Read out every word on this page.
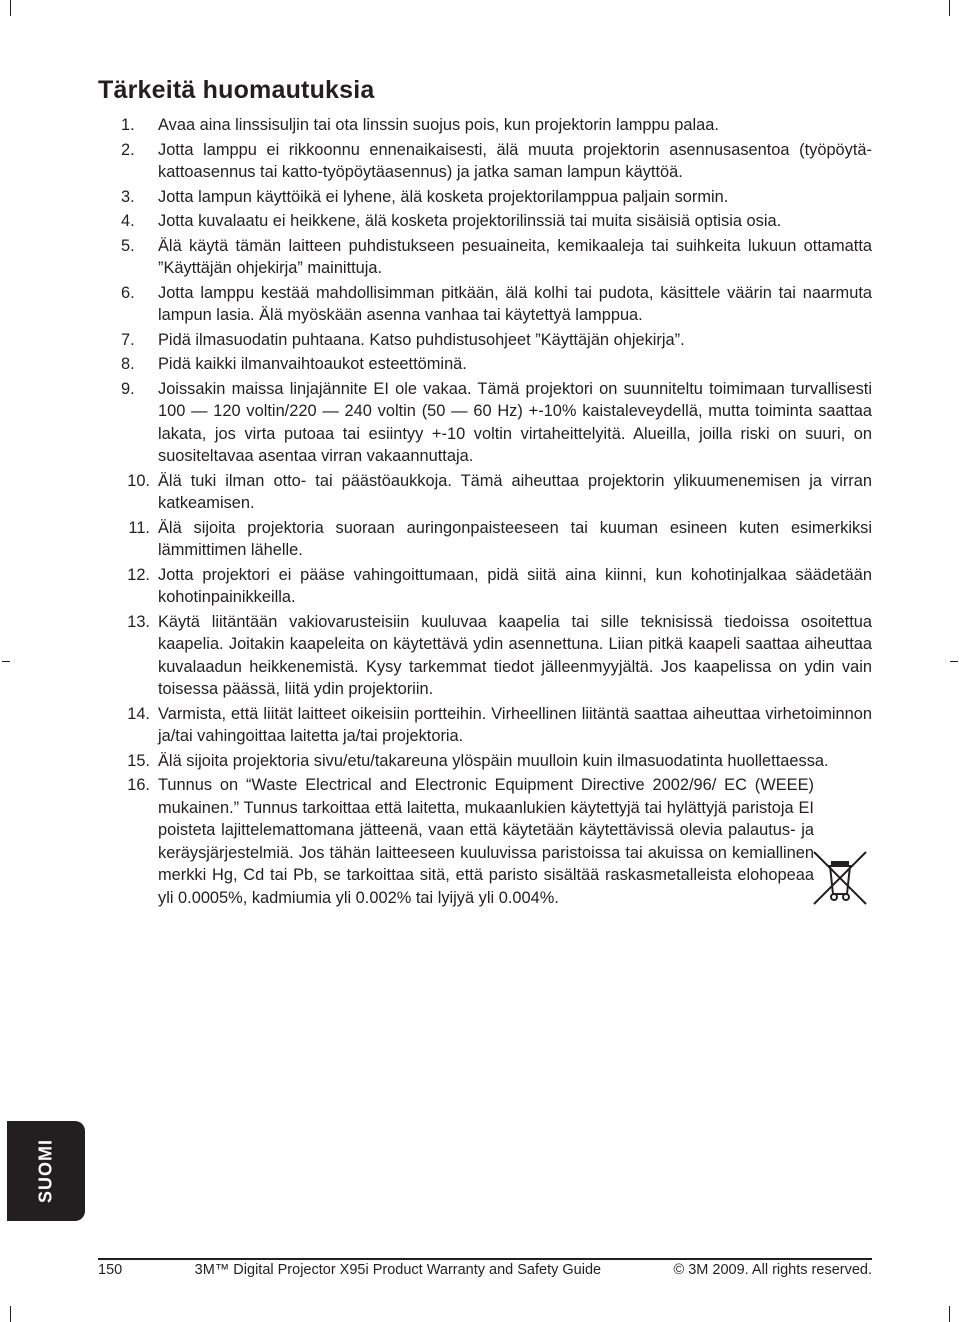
Tärkeitä huomautuksia
1. Avaa aina linssisuljin tai ota linssin suojus pois, kun projektorin lamppu palaa.
2. Jotta lamppu ei rikkoonnu ennenaikaisesti, älä muuta projektorin asennusasentoa (työpöytä-kattoasennus tai katto-työpöytäasennus) ja jatka saman lampun käyttöä.
3. Jotta lampun käyttöikä ei lyhene, älä kosketa projektorilamppua paljain sormin.
4. Jotta kuvalaatu ei heikkene, älä kosketa projektorilinssiä tai muita sisäisiä optisia osia.
5. Älä käytä tämän laitteen puhdistukseen pesuaineita, kemikaaleja tai suihkeita lukuun ottamatta ”Käyttäjän ohjekirja” mainittuja.
6. Jotta lamppu kestää mahdollisimman pitkään, älä kolhi tai pudota, käsittele väärin tai naarmuta lampun lasia. Älä myöskään asenna vanhaa tai käytettyä lamppua.
7. Pidä ilmasuodatin puhtaana. Katso puhdistusohjeet ”Käyttäjän ohjekirja”.
8. Pidä kaikki ilmanvaihtoaukot esteettöminä.
9. Joissakin maissa linjajännite EI ole vakaa. Tämä projektori on suunniteltu toimimaan turvallisesti 100 — 120 voltin/220 — 240 voltin (50 — 60 Hz) +-10% kaistaleveydellä, mutta toiminta saattaa lakata, jos virta putoaa tai esiintyy +-10 voltin virtaheittelyitä. Alueilla, joilla riski on suuri, on suositeltavaa asentaa virran vakaannuttaja.
10. Älä tuki ilman otto- tai päästöaukkoja. Tämä aiheuttaa projektorin ylikuumenemisen ja virran katkeamisen.
11. Älä sijoita projektoria suoraan auringonpaisteeseen tai kuuman esineen kuten esimerkiksi lämmittimen lähelle.
12. Jotta projektori ei pääse vahingoittumaan, pidä siitä aina kiinni, kun kohotinjalkaa säädetään kohotinpainikkeilla.
13. Käytä liitäntään vakiovarusteisiin kuuluvaa kaapelia tai sille teknisissä tiedoissa osoitettua kaapelia. Joitakin kaapeleita on käytettävä ydin asennettuna. Liian pitkä kaapeli saattaa aiheuttaa kuvalaadun heikkenemistä. Kysy tarkemmat tiedot jälleenmyyjältä. Jos kaapelissa on ydin vain toisessa päässä, liitä ydin projektoriin.
14. Varmista, että liität laitteet oikeisiin portteihin. Virheellinen liitäntä saattaa aiheuttaa virhetoiminnon ja/tai vahingoittaa laitetta ja/tai projektoria.
15. Älä sijoita projektoria sivu/etu/takareuna ylöspäin muulloin kuin ilmasuodatinta huollettaessa.
16. Tunnus on “Waste Electrical and Electronic Equipment Directive 2002/96/ EC (WEEE) mukainen.” Tunnus tarkoittaa että laitetta, mukaanlukien käytettyjä tai hylättyjä paristoja EI poisteta lajittelemattomana jätteenä, vaan että käytetään käytettävissä olevia palautus- ja keräysjärjestelmiä. Jos tähän laitteeseen kuuluvissa paristoissa tai akuissa on kemiallinen merkki Hg, Cd tai Pb, se tarkoittaa sitä, että paristo sisältää raskasmetalleista elohopeaa yli 0.0005%, kadmiumia yli 0.002% tai lyijyä yli 0.004%.
SUOMI
150	3M™ Digital Projector X95i Product Warranty and Safety Guide	© 3M 2009. All rights reserved.
